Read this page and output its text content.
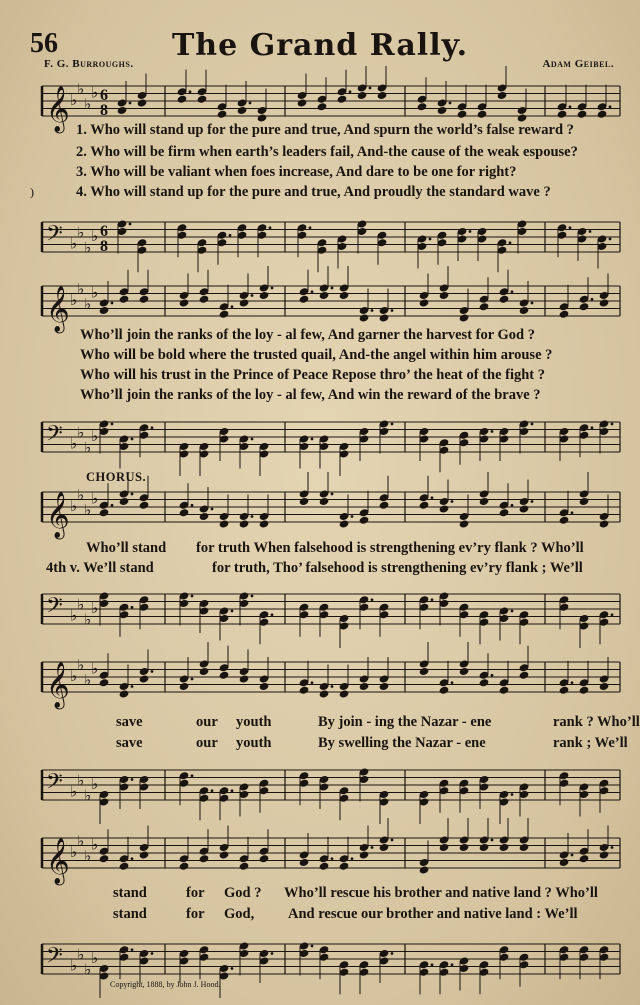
56	The Grand Rally.
F. G. Burroughs.	Adam Geibel.
)
𝄞 ♭
♭
♭
♭ 6
8
1. Who will stand up for the pure and true, And spurn the world’s false reward ?
2. Who will be firm when earth’s leaders fail, And-the cause of the weak espouse?
3. Who will be valiant when foes increase, And dare to be one for right?
4. Who will stand up for the pure and true, And proudly the standard wave ?
𝄢 ♭
♭
♭
♭ 6
8
𝄞 ♭
♭
♭
♭
Who’ll join the ranks of the loy - al few, And garner the harvest for God ?
Who will be bold where the trusted quail, And-the angel within him arouse ?
Who will his trust in the Prince of Peace Repose thro’ the heat of the fight ?
Who’ll join the ranks of the loy - al few, And win the reward of the brave ?
𝄢 ♭
♭
♭
♭
CHORUS.
𝄞 ♭
♭
♭
♭
Who’ll stand for truth When falsehood is strengthening ev’ry flank ? Who’ll
4th v. We’ll stand	for truth, Tho’ falsehood is strengthening ev’ry flank ; We’ll
𝄢 ♭
♭
♭
♭
𝄞 ♭
♭
♭
♭
save	our youth	By join - ing the Nazar - ene	rank ? Who’ll
save	our youth	By swelling the Nazar - ene	rank ; We’ll
𝄢 ♭
♭
♭
♭
𝄞 ♭
♭
♭
♭
stand	for God ? Who’ll rescue his brother and native land ? Who’ll
stand	for God, And rescue our brother and native land : We’ll
𝄢 ♭
♭
♭
♭
Copyright, 1888, by John J. Hood.
